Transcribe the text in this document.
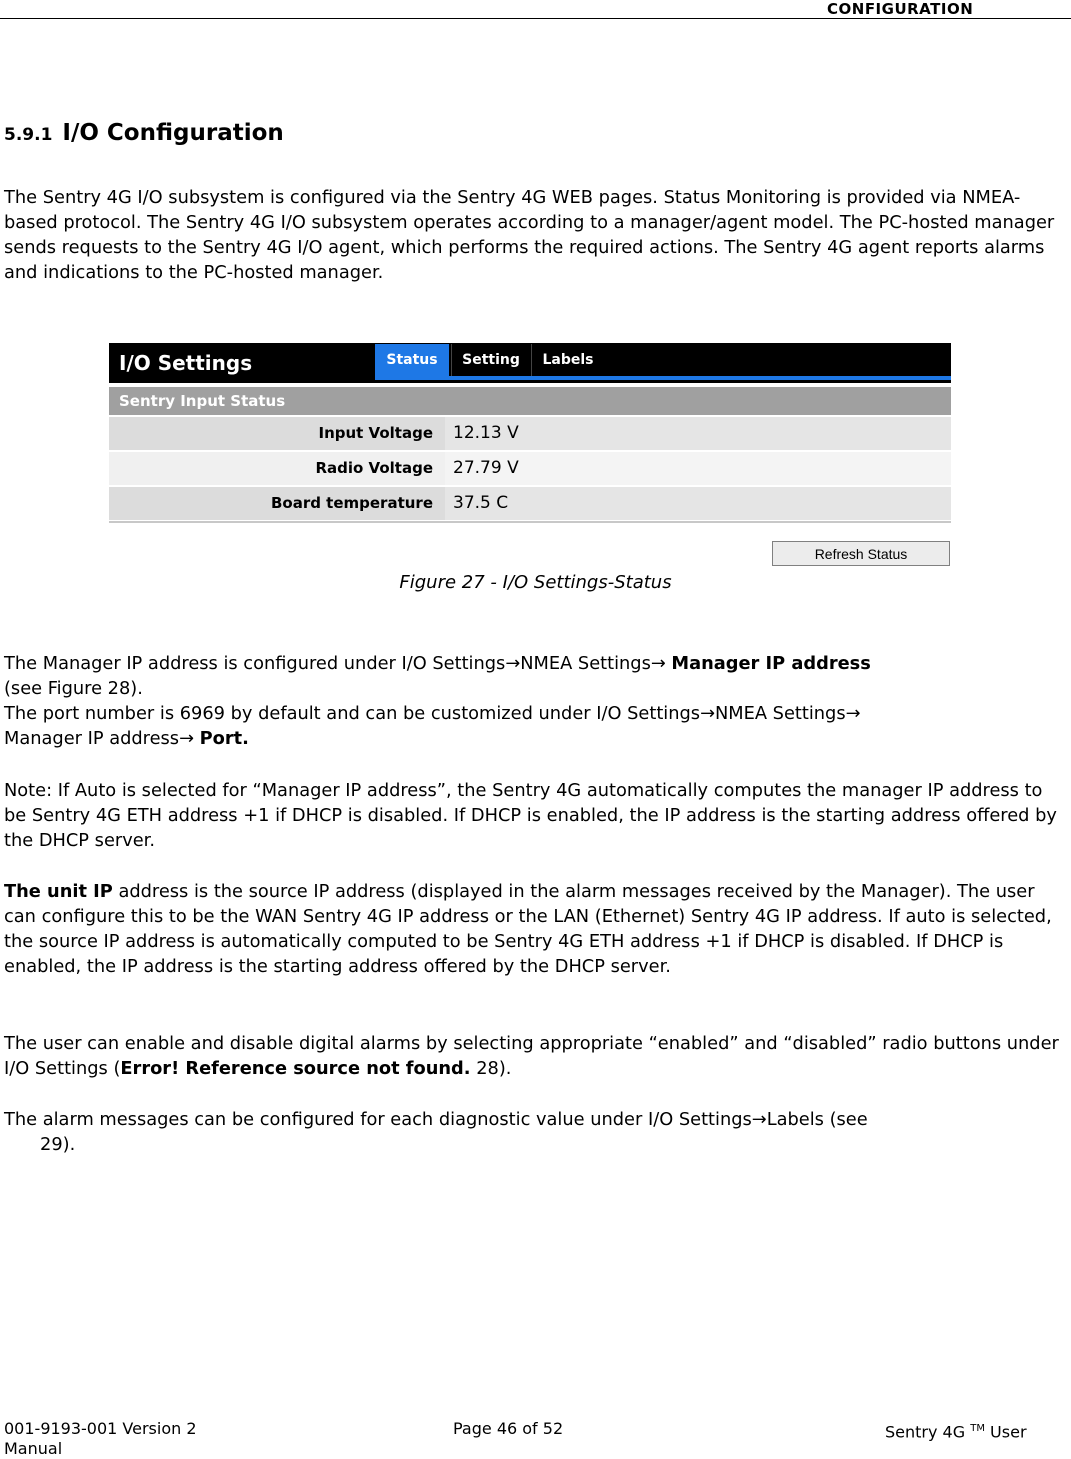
CONFIGURATION
5.9.1 I/O Configuration

The Sentry 4G I/O subsystem is configured via the Sentry 4G WEB pages. Status Monitoring is provided via NMEA-based protocol. The Sentry 4G I/O subsystem operates according to a manager/agent model. The PC-hosted manager sends requests to the Sentry 4G I/O agent, which performs the required actions. The Sentry 4G agent reports alarms and indications to the PC-hosted manager.

I/O Settings	Status	Setting	Labels
Sentry Input Status
Input Voltage	12.13 V
Radio Voltage	27.79 V
Board temperature	37.5 C
Refresh Status
Figure 27 - I/O Settings-Status

The Manager IP address is configured under I/O Settings→NMEA Settings→ Manager IP address
(see Figure 28).
The port number is 6969 by default and can be customized under I/O Settings→NMEA Settings→
Manager IP address→ Port.

Note: If Auto is selected for “Manager IP address”, the Sentry 4G automatically computes the manager IP address to be Sentry 4G ETH address +1 if DHCP is disabled. If DHCP is enabled, the IP address is the starting address offered by the DHCP server.

The unit IP address is the source IP address (displayed in the alarm messages received by the Manager). The user can configure this to be the WAN Sentry 4G IP address or the LAN (Ethernet) Sentry 4G IP address. If auto is selected, the source IP address is automatically computed to be Sentry 4G ETH address +1 if DHCP is disabled. If DHCP is enabled, the IP address is the starting address offered by the DHCP server.

The user can enable and disable digital alarms by selecting appropriate “enabled” and “disabled” radio buttons under I/O Settings (Error! Reference source not found. 28).

The alarm messages can be configured for each diagnostic value under I/O Settings→Labels (see
29).

001-9193-001 Version 2	Page 46 of 52	Sentry 4G ™ User
Manual
